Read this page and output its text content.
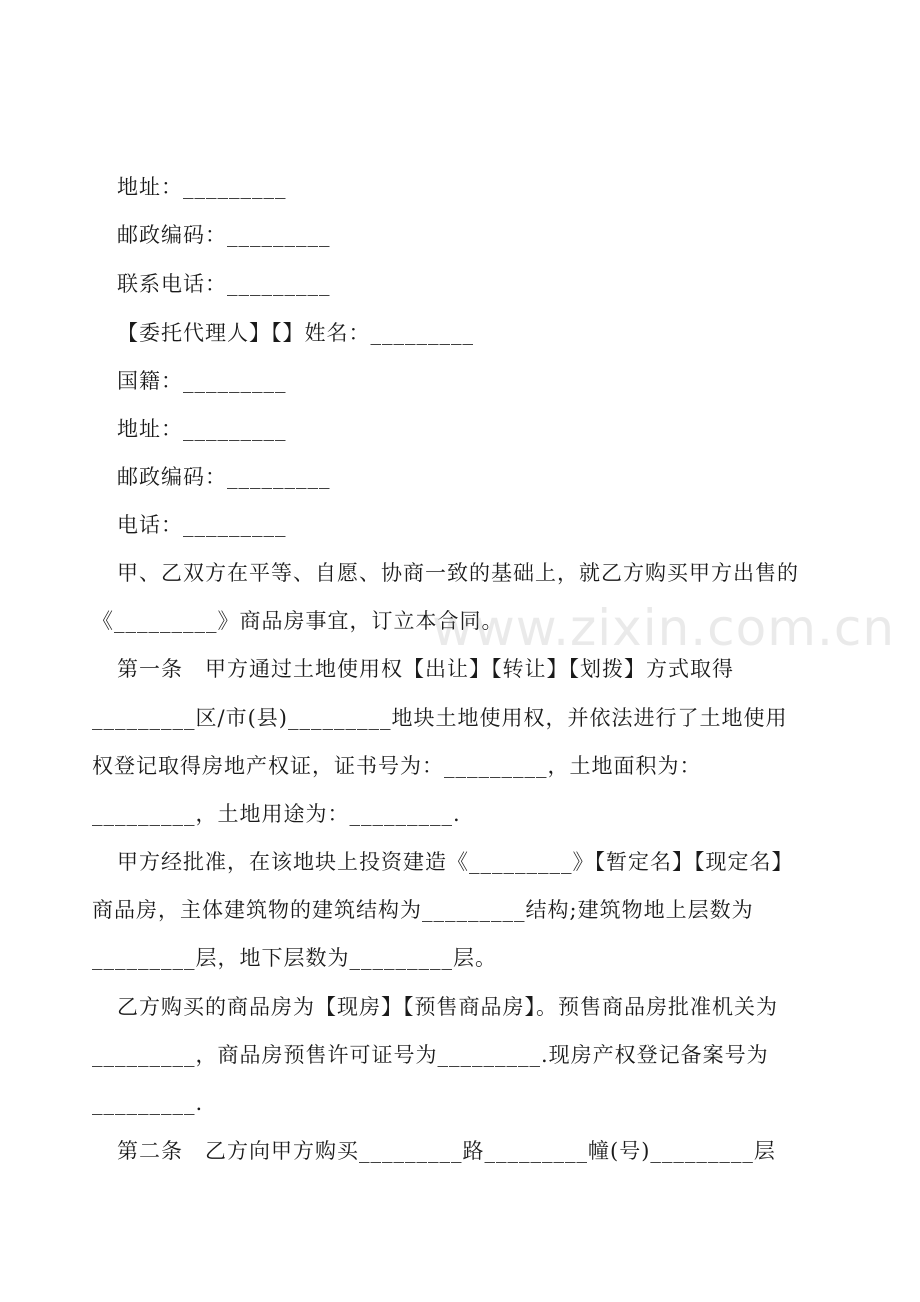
地址：_________
邮政编码：_________
联系电话：_________
【委托代理人】【】姓名：_________
国籍：_________
地址：_________
邮政编码：_________
电话：_________
甲、乙双方在平等、自愿、协商一致的基础上，就乙方购买甲方出售的
《_________》商品房事宜，订立本合同。
第一条　甲方通过土地使用权【出让】【转让】【划拨】方式取得
_________区/市(县)_________地块土地使用权，并依法进行了土地使用
权登记取得房地产权证，证书号为：_________，土地面积为：
_________，土地用途为：_________.
甲方经批准，在该地块上投资建造《_________》【暂定名】【现定名】
商品房，主体建筑物的建筑结构为_________结构;建筑物地上层数为
_________层，地下层数为_________层。
乙方购买的商品房为【现房】【预售商品房】。预售商品房批准机关为
_________，商品房预售许可证号为_________.现房产权登记备案号为
_________.
第二条　乙方向甲方购买_________路_________幢(号)_________层
www.zixin.com.cn
